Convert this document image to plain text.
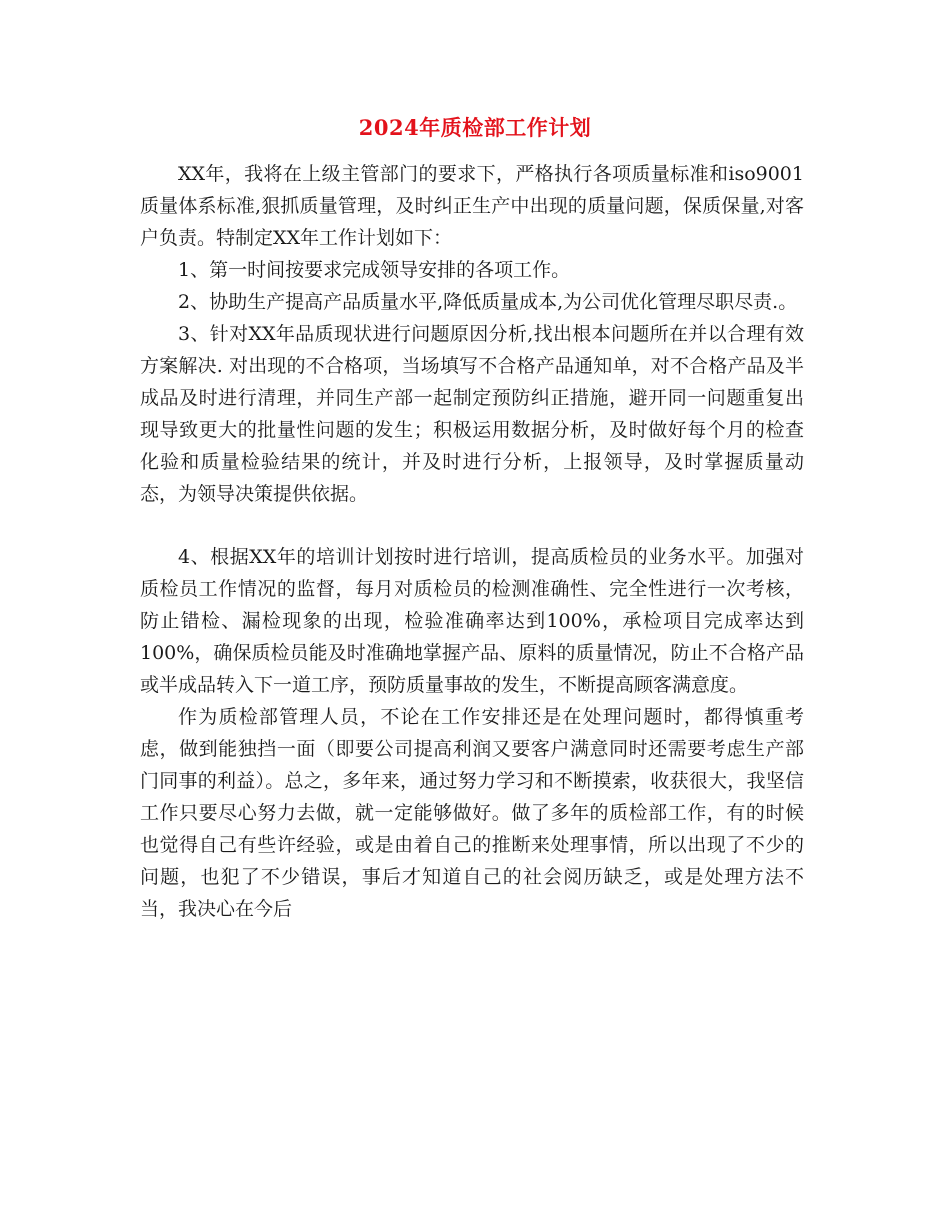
2024年质检部工作计划

XX年，我将在上级主管部门的要求下，严格执行各项质量标准和iso9001质量体系标准,狠抓质量管理，及时纠正生产中出现的质量问题，保质保量,对客户负责。特制定XX年工作计划如下：

1、第一时间按要求完成领导安排的各项工作。

2、协助生产提高产品质量水平,降低质量成本,为公司优化管理尽职尽责.。

3、针对XX年品质现状进行问题原因分析,找出根本问题所在并以合理有效方案解决. 对出现的不合格项，当场填写不合格产品通知单，对不合格产品及半成品及时进行清理，并同生产部一起制定预防纠正措施，避开同一问题重复出现导致更大的批量性问题的发生；积极运用数据分析，及时做好每个月的检查化验和质量检验结果的统计，并及时进行分析，上报领导，及时掌握质量动态，为领导决策提供依据。

4、根据XX年的培训计划按时进行培训，提高质检员的业务水平。加强对质检员工作情况的监督，每月对质检员的检测准确性、完全性进行一次考核，防止错检、漏检现象的出现，检验准确率达到100%，承检项目完成率达到100%，确保质检员能及时准确地掌握产品、原料的质量情况，防止不合格产品或半成品转入下一道工序，预防质量事故的发生，不断提高顾客满意度。

作为质检部管理人员，不论在工作安排还是在处理问题时，都得慎重考虑，做到能独挡一面（即要公司提高利润又要客户满意同时还需要考虑生产部门同事的利益）。总之，多年来，通过努力学习和不断摸索，收获很大，我坚信工作只要尽心努力去做，就一定能够做好。做了多年的质检部工作，有的时候也觉得自己有些许经验，或是由着自己的推断来处理事情，所以出现了不少的问题，也犯了不少错误，事后才知道自己的社会阅历缺乏，或是处理方法不当，我决心在今后
